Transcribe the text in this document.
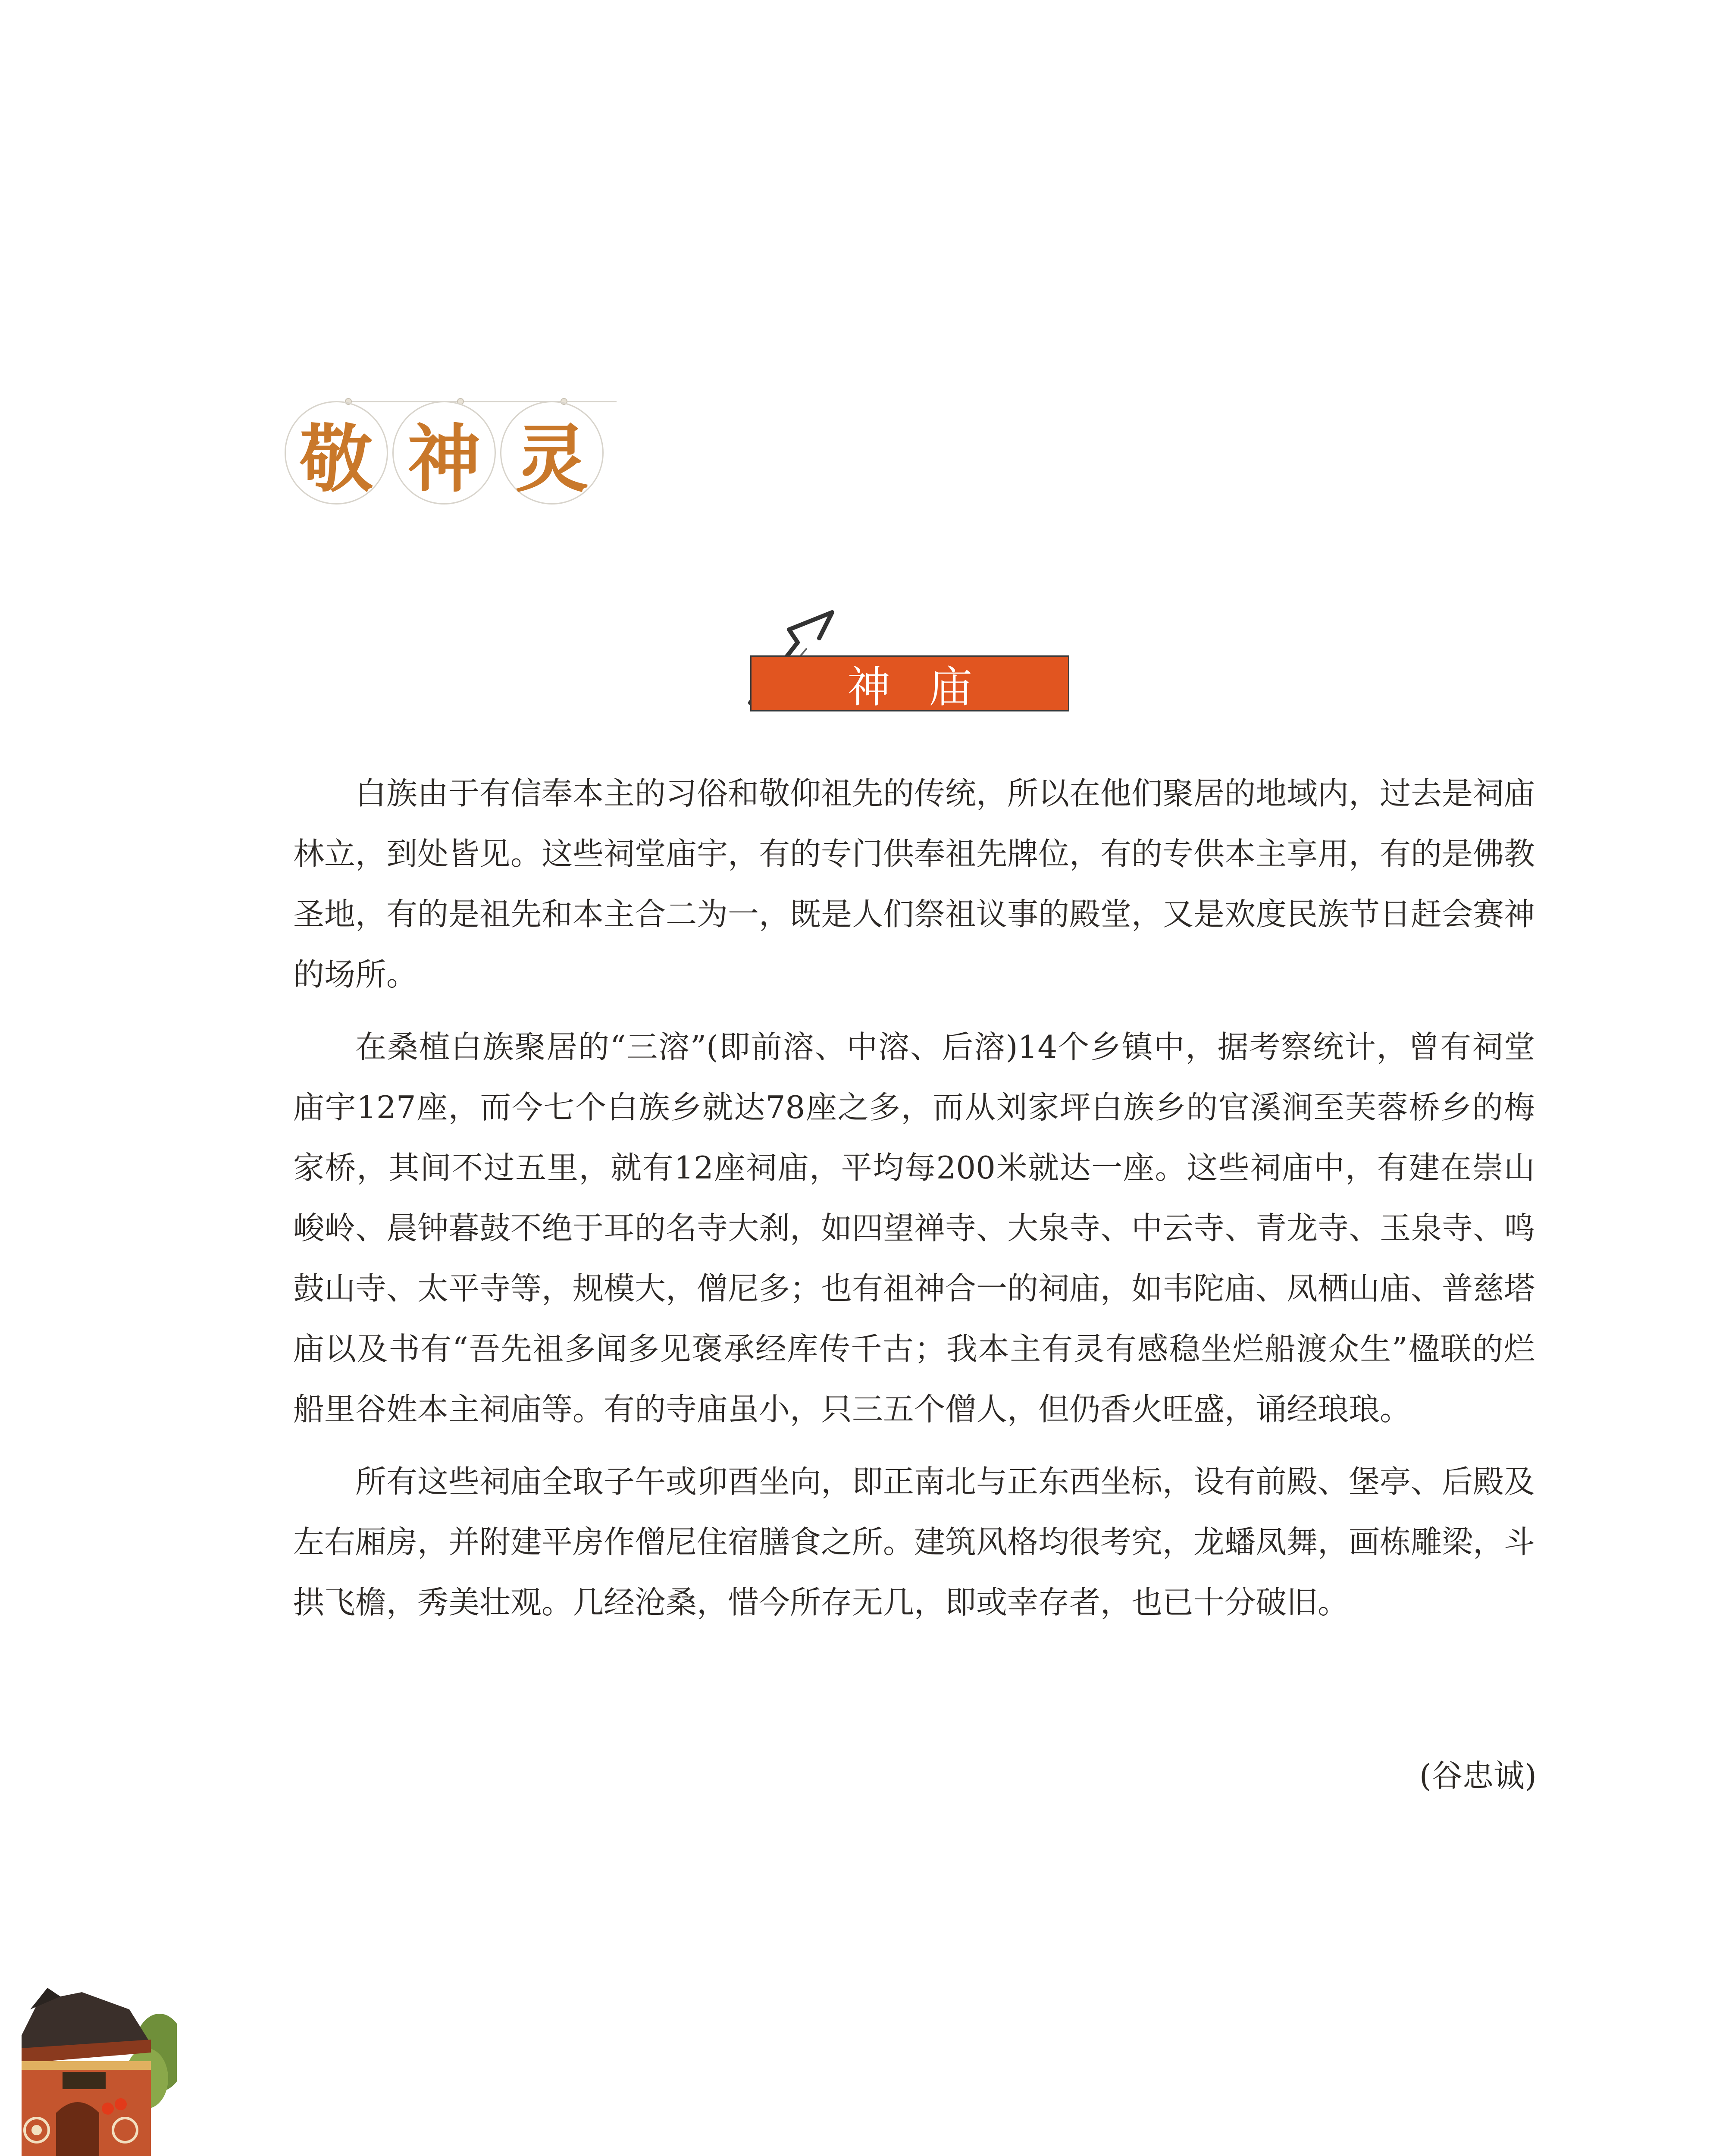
敬 神 灵
神庙

白族由于有信奉本主的习俗和敬仰祖先的传统，所以在他们聚居的地域内，过去是祠庙林立，到处皆见。这些祠堂庙宇，有的专门供奉祖先牌位，有的专供本主享用，有的是佛教圣地，有的是祖先和本主合二为一，既是人们祭祖议事的殿堂，又是欢度民族节日赶会赛神的场所。

在桑植白族聚居的“三溶”(即前溶、中溶、后溶)14个乡镇中，据考察统计，曾有祠堂庙宇127座，而今七个白族乡就达78座之多，而从刘家坪白族乡的官溪涧至芙蓉桥乡的梅家桥，其间不过五里，就有12座祠庙，平均每200米就达一座。这些祠庙中，有建在崇山峻岭、晨钟暮鼓不绝于耳的名寺大刹，如四望禅寺、大泉寺、中云寺、青龙寺、玉泉寺、鸣鼓山寺、太平寺等，规模大，僧尼多；也有祖神合一的祠庙，如韦陀庙、凤栖山庙、普慈塔庙以及书有“吾先祖多闻多见褒承经库传千古；我本主有灵有感稳坐烂船渡众生”楹联的烂船里谷姓本主祠庙等。有的寺庙虽小，只三五个僧人，但仍香火旺盛，诵经琅琅。

所有这些祠庙全取子午或卯酉坐向，即正南北与正东西坐标，设有前殿、堡亭、后殿及左右厢房，并附建平房作僧尼住宿膳食之所。建筑风格均很考究，龙蟠凤舞，画栋雕梁，斗拱飞檐，秀美壮观。几经沧桑，惜今所存无几，即或幸存者，也已十分破旧。

(谷忠诚)
